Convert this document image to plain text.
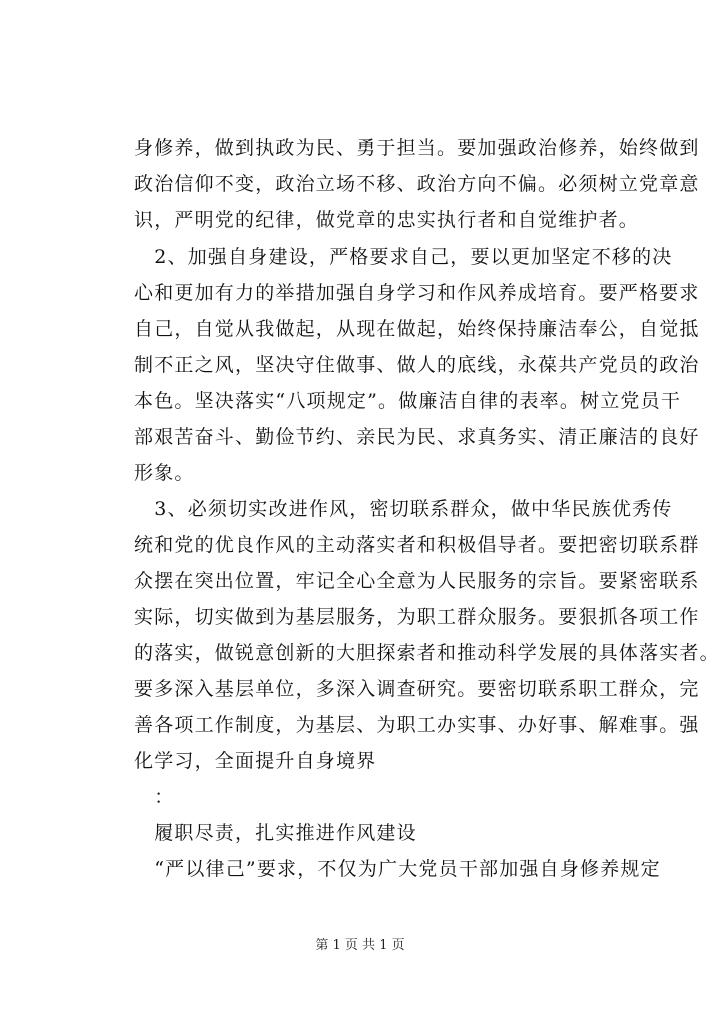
身修养，做到执政为民、勇于担当。要加强政治修养，始终做到
政治信仰不变，政治立场不移、政治方向不偏。必须树立党章意
识，严明党的纪律，做党章的忠实执行者和自觉维护者。
　2、加强自身建设，严格要求自己，要以更加坚定不移的决
心和更加有力的举措加强自身学习和作风养成培育。要严格要求
自己，自觉从我做起，从现在做起，始终保持廉洁奉公，自觉抵
制不正之风，坚决守住做事、做人的底线，永葆共产党员的政治
本色。坚决落实“八项规定”。做廉洁自律的表率。树立党员干
部艰苦奋斗、勤俭节约、亲民为民、求真务实、清正廉洁的良好
形象。
　3、必须切实改进作风，密切联系群众，做中华民族优秀传
统和党的优良作风的主动落实者和积极倡导者。要把密切联系群
众摆在突出位置，牢记全心全意为人民服务的宗旨。要紧密联系
实际，切实做到为基层服务，为职工群众服务。要狠抓各项工作
的落实，做锐意创新的大胆探索者和推动科学发展的具体落实者。
要多深入基层单位，多深入调查研究。要密切联系职工群众，完
善各项工作制度，为基层、为职工办实事、办好事、解难事。强
化学习，全面提升自身境界
　：
　履职尽责，扎实推进作风建设
　“严以律己”要求，不仅为广大党员干部加强自身修养规定
第 1 页 共 1 页
